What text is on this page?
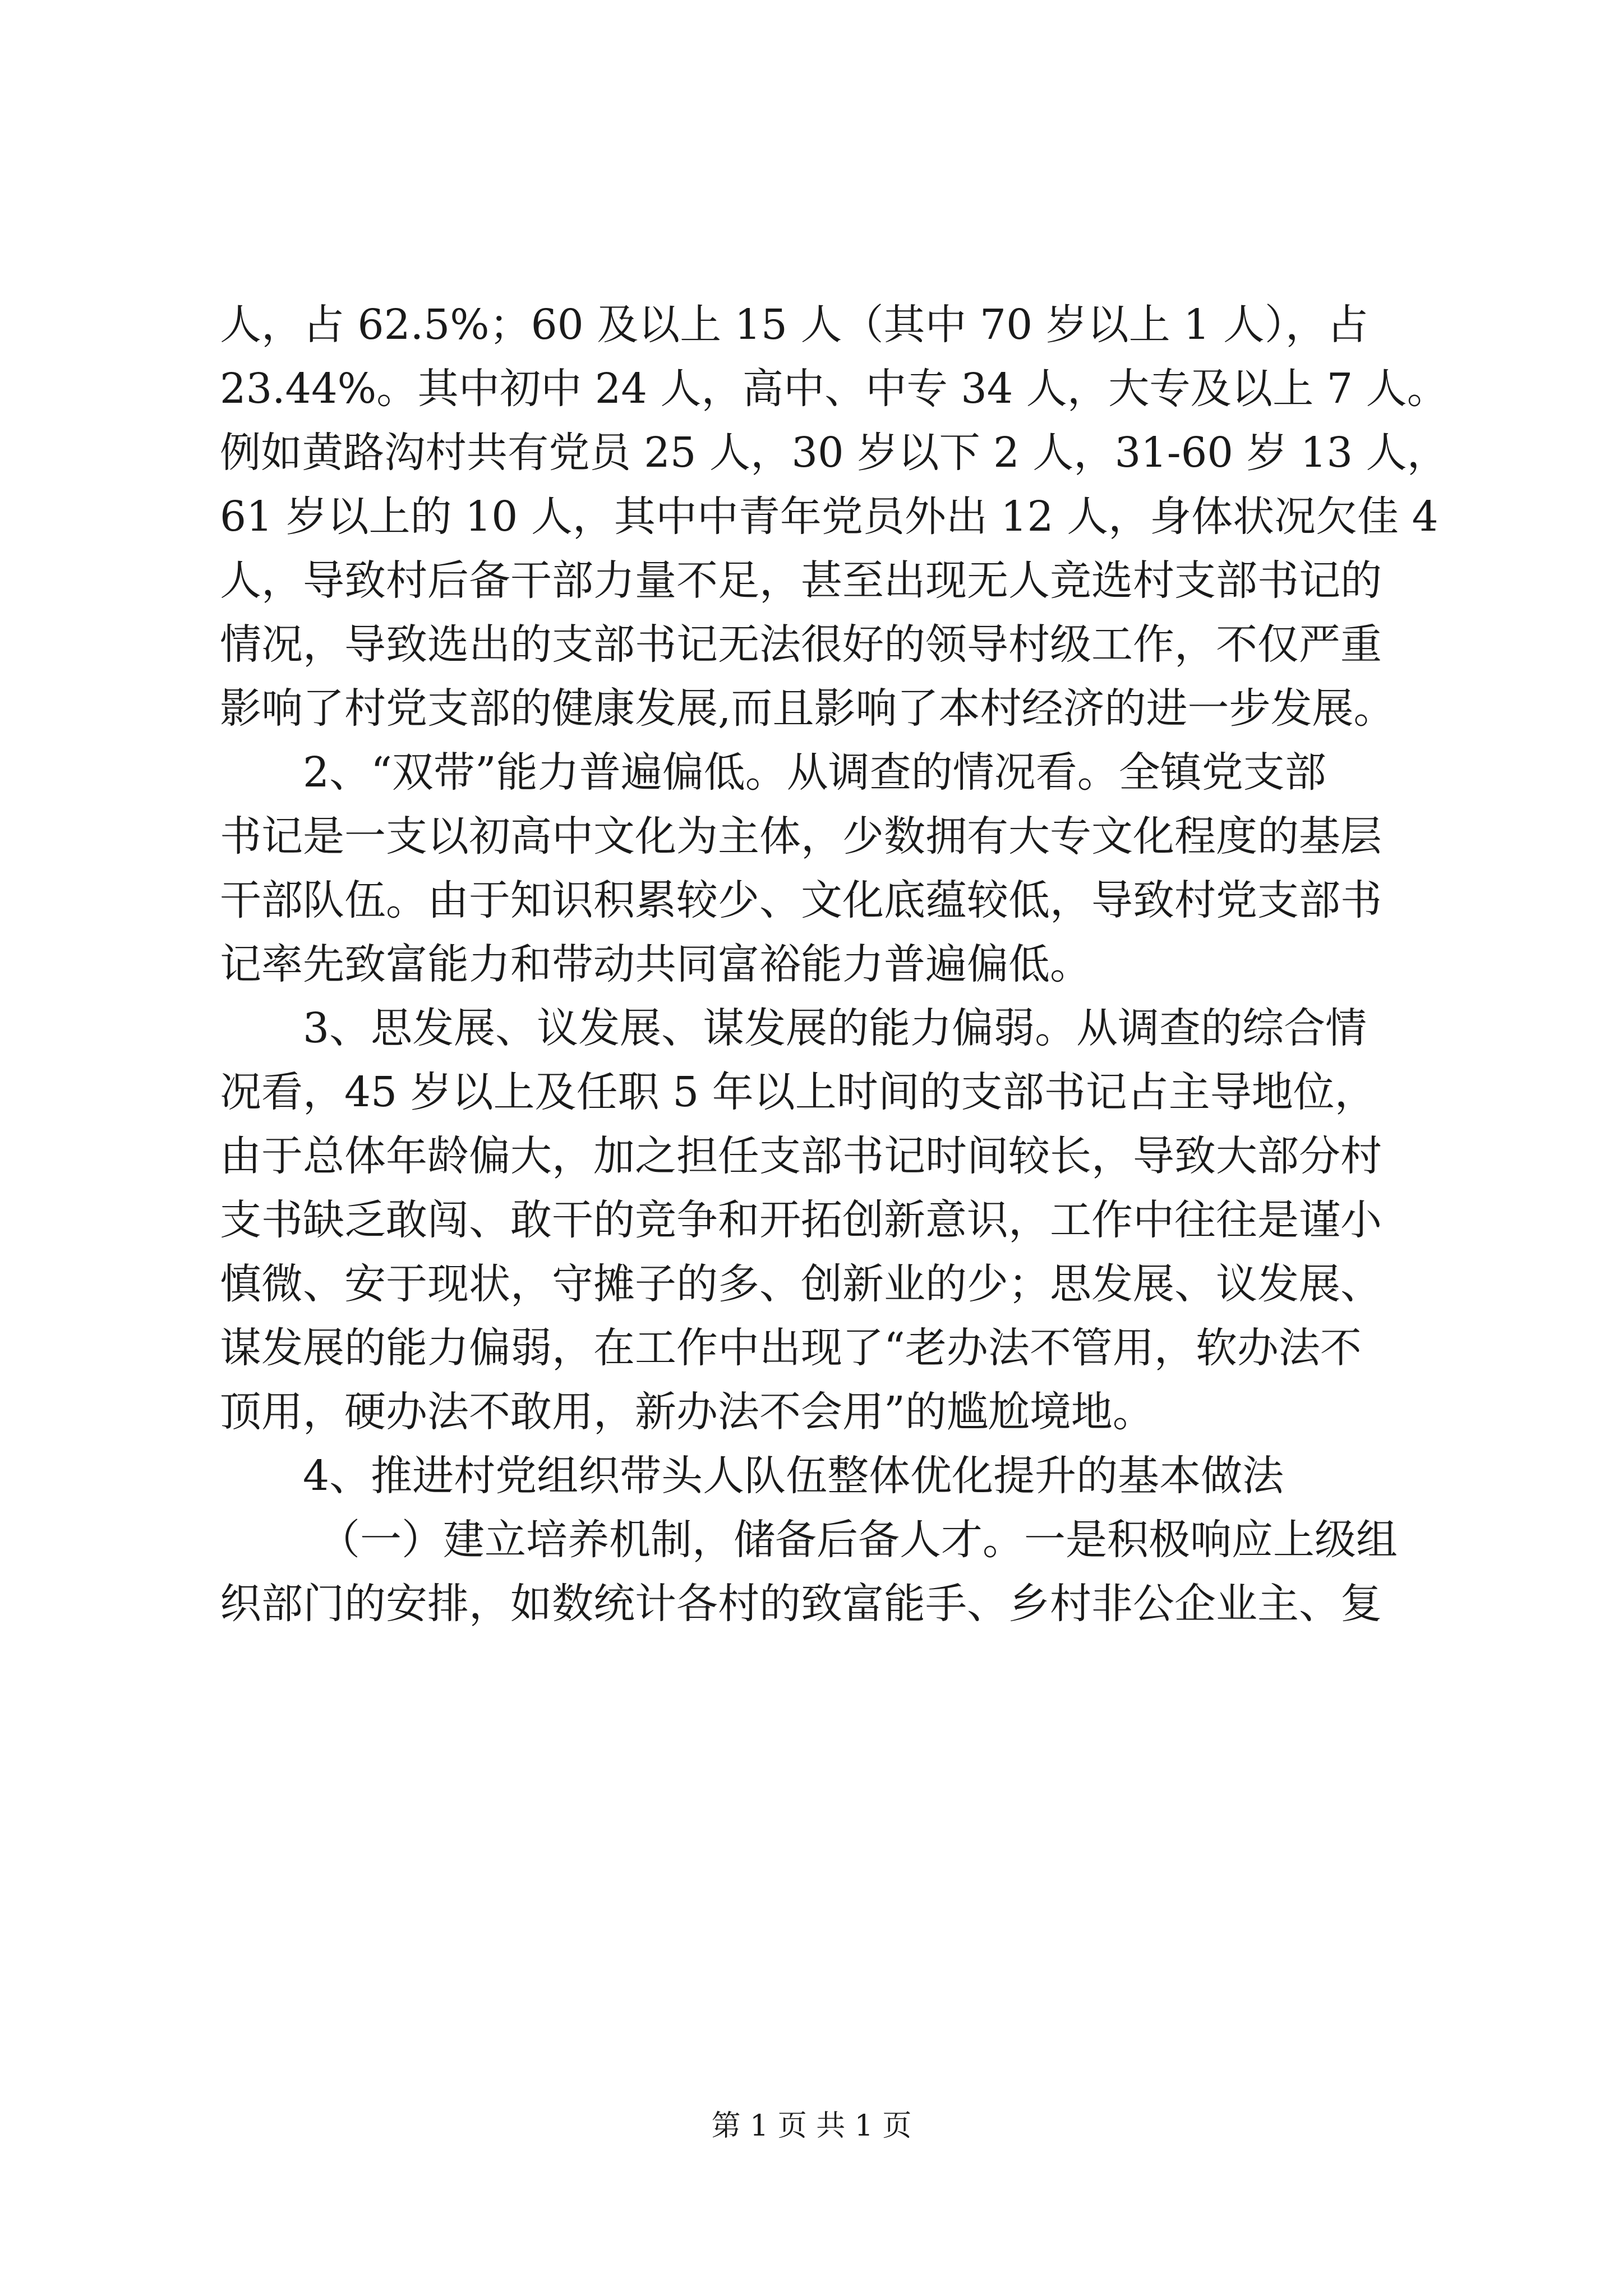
人，占 62.5%；60 及以上 15 人（其中 70 岁以上 1 人），占

23.44%。其中初中 24 人，高中、中专 34 人，大专及以上 7 人。

例如黄路沟村共有党员 25 人，30 岁以下 2 人，31-60 岁 13 人，

61 岁以上的 10 人，其中中青年党员外出 12 人，身体状况欠佳 4

人，导致村后备干部力量不足，甚至出现无人竞选村支部书记的

情况，导致选出的支部书记无法很好的领导村级工作，不仅严重

影响了村党支部的健康发展,而且影响了本村经济的进一步发展。

2、“双带”能力普遍偏低。从调查的情况看。全镇党支部

书记是一支以初高中文化为主体，少数拥有大专文化程度的基层

干部队伍。由于知识积累较少、文化底蕴较低，导致村党支部书

记率先致富能力和带动共同富裕能力普遍偏低。

3、思发展、议发展、谋发展的能力偏弱。从调查的综合情

况看，45 岁以上及任职 5 年以上时间的支部书记占主导地位，

由于总体年龄偏大，加之担任支部书记时间较长，导致大部分村

支书缺乏敢闯、敢干的竞争和开拓创新意识，工作中往往是谨小

慎微、安于现状，守摊子的多、创新业的少；思发展、议发展、

谋发展的能力偏弱，在工作中出现了“老办法不管用，软办法不

顶用，硬办法不敢用，新办法不会用”的尴尬境地。

4、推进村党组织带头人队伍整体优化提升的基本做法

（一）建立培养机制，储备后备人才。一是积极响应上级组

织部门的安排，如数统计各村的致富能手、乡村非公企业主、复

第 1 页 共 1 页
